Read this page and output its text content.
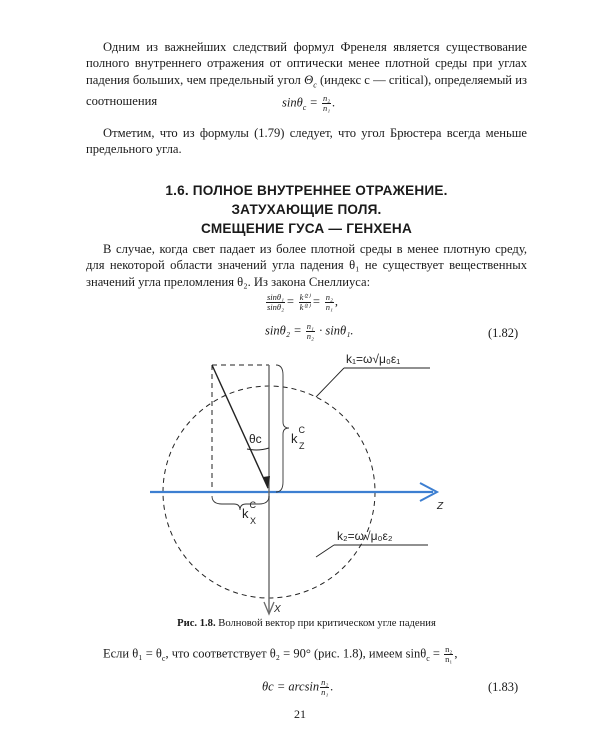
Одним из важнейших следствий формул Френеля является существование полного внутреннего отражения от оптически менее плотной среды при углах падения больших, чем предельный угол $\Theta_c$ (индекс c — critical), определяемый из соотношения	$\sin\theta_c = \frac{\text{n₂}}{\text{n₁}}$ .

Отметим, что из формулы (1.79) следует, что угол Брюстера всегда меньше предельного угла.

1.6. ПОЛНОЕ ВНУТРЕННЕЕ ОТРАЖЕНИЕ.
ЗАТУХАЮЩИЕ ПОЛЯ.
СМЕЩЕНИЕ ГУСА — ГЕНХЕНА

В случае, когда свет падает из более плотной среды в менее плотную среду, для некоторой области значений угла падения θ₁ не существует вещественных значений угла преломления θ₂. Из закона Снеллиуса:

$\frac{\text{sinθ₁}}{\text{sinθ₂}} = \frac{\text{k⁽²⁾}}{\text{k⁽¹⁾}} = \frac{\text{n₂}}{\text{n₁}}$ ,
$\sin\theta_2 = \frac{\text{n₁}}{\text{n₂}} \cdot \sin\theta_1$.	(1.82)
k₁=ω√μ₀ε₁
k₂=ω√μ₀ε₂
θc $k^C$ Z
$k^C$ X
Z
X
Рис. 1.8. Волновой вектор при критическом угле падения
Если $\theta_1 = \theta_c$, что соответствует θ₂ = 90° (рис. 1.8), имеем $\sin\theta_c = \frac{\text{n₂}}{\text{n₁}}$ ,
$\theta c = \arcsin \frac{\text{n₂}}{\text{n₁}}$ .	(1.83)
21
